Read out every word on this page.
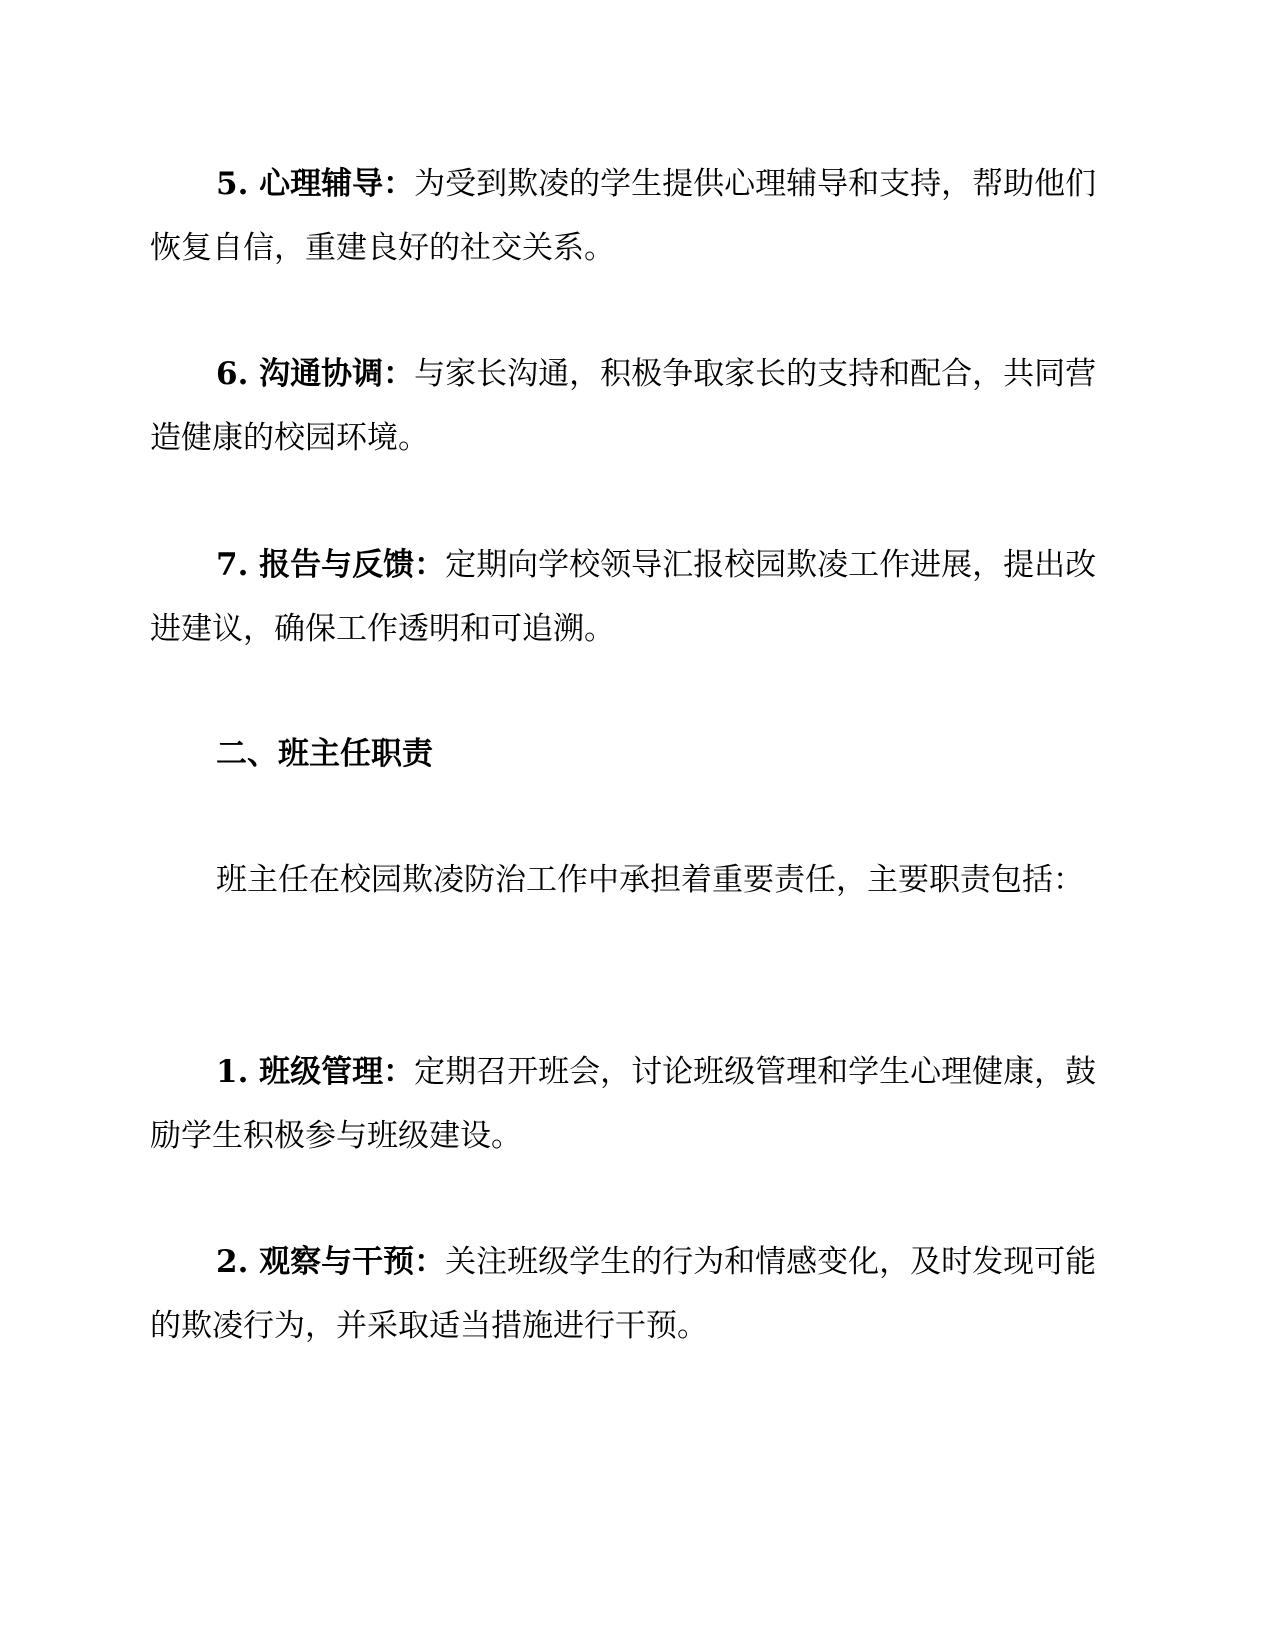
5. 心理辅导：为受到欺凌的学生提供心理辅导和支持，帮助他们恢复自信，重建良好的社交关系。

6. 沟通协调：与家长沟通，积极争取家长的支持和配合，共同营造健康的校园环境。

7. 报告与反馈：定期向学校领导汇报校园欺凌工作进展，提出改进建议，确保工作透明和可追溯。

二、班主任职责

班主任在校园欺凌防治工作中承担着重要责任，主要职责包括：

1. 班级管理：定期召开班会，讨论班级管理和学生心理健康，鼓励学生积极参与班级建设。

2. 观察与干预：关注班级学生的行为和情感变化，及时发现可能的欺凌行为，并采取适当措施进行干预。
